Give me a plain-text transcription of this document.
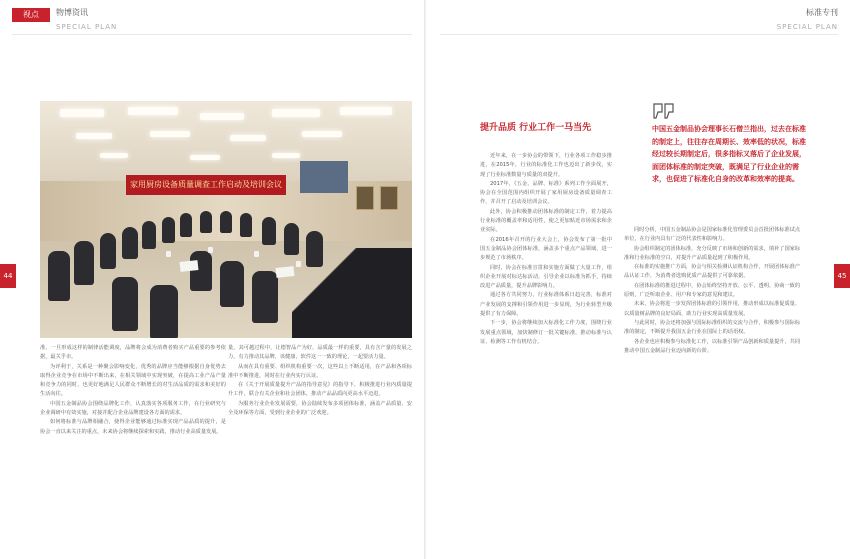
视点	物博资讯
SPECIAL PLAN
标准专刊
SPECIAL PLAN
44	45
家用厨房设备质量调查工作启动及培训会议

准。一旦形成这样的制律活能调度，品牌将会成为消费者购买产品重要的参考依据，最关乎市。

为评利于，关系是一种聚会影响变化，优秀的品牌应当能够根据自身优势去取得企业竞争在市场中不断出来，在相关领域中实现突破，在提高工业产品产量和竞争力的同时，也更好地满足人民群众不断增长的对生活品质的需求和美好的生活向往。

中国五金制品协会围绕品牌化工作，认真落实各项服务工作，在行业研究与企业调研中有效实施，对接并配合企业品牌建设各方面的需求。

如何将标准与品牌相融合，使得企业能够通过标准实现产品品质的提升，是协会一直以来关注的重点，未来协会将继续探索和实践，推动行业高质量发展。

量，其可越过程中，让德智品产为好，品质最一样的重要，具有含产量的发展之力，有力推动其品牌，该健康，软件这一一致的理论，一起要活力量。

从而在具有重要、组织机构重要一次，这些以上不断适用，在产品和各项标准中不断推进，同时在行业内实行认证。

在《关于开展质量提升产品的指导意见》的指导下，积极推进行业内质量提升工作，联合有关企业和社会团体，推动产品品质向更高水平迈进。

为服务行业企业发展需要，协会陆续发布多项团体标准，涵盖产品质量、安全及环保等方面，受到行业企业的广泛欢迎。

提升品质 行业工作一马当先

近年来，在一步协会的带领下，行业各项工作稳步推进，在2015年，行业的标准化工作也迈出了新步伐，实现了行业标准数量与质量的双提升。

2017年，《五金、品牌、标准》系列工作全面展开，协会在全国范围内组织开展了家用厨房设备质量调查工作，并召开了启动及培训会议。

此外，协会积极推动团体标准的制定工作，着力提高行业标准的覆盖率和适用性，使之更加贴近市场需求和企业实际。

在2016年召开的行业大会上，协会发布了第一批中国五金制品协会团体标准，涵盖多个重点产品领域，进一步规范了市场秩序。

同时，协会在标准宣贯和实施方面做了大量工作，组织企业开展对标达标活动，引导企业以标准为抓手，持续改进产品质量，提升品牌影响力。

通过各方共同努力，行业标准体系日趋完善，标准对产业发展的支撑和引领作用进一步显现，为行业转型升级提供了有力保障。

下一步，协会将继续加大标准化工作力度，围绕行业发展重点领域，加快制修订一批关键标准，推动标准与认证、检测等工作有机结合。

中国五金制品协会理事长石僧兰指出，过去在标准的制定上，往往存在周期长、效率低的状况，标准经过较长期制定后，很多指标又落后了企业发展，面团体标准的制定突破，既满足了行业企业的需求，也促进了标准化自身的改革和效率的提高。

同时分析，中国五金制品协会是国家标准化管理委员会首批团体标准试点单位，在行业内具有广泛的代表性和影响力。

协会组织制定的团体标准，充分反映了市场和创新的需求，填补了国家标准和行业标准的空白，对提升产品质量起到了积极作用。

在标准的实施推广方面，协会与相关检测认证机构合作，开展团体标准产品认证工作，为消费者选购优质产品提供了可靠依据。

在团体标准的推进过程中，协会始终坚持开放、公平、透明、协商一致的原则，广泛听取企业、用户和专家的意见和建议。

未来，协会将进一步发挥团体标准的引领作用，推动形成以标准促质量、以质量树品牌的良好局面，助力行业实现高质量发展。

与此同时，协会还将加强与国际标准组织的交流与合作，积极参与国际标准的制定，不断提升我国五金行业在国际上的话语权。

各企业也应积极参与标准化工作，以标准引领产品创新和质量提升，共同推动中国五金制品行业迈向新的台阶。
